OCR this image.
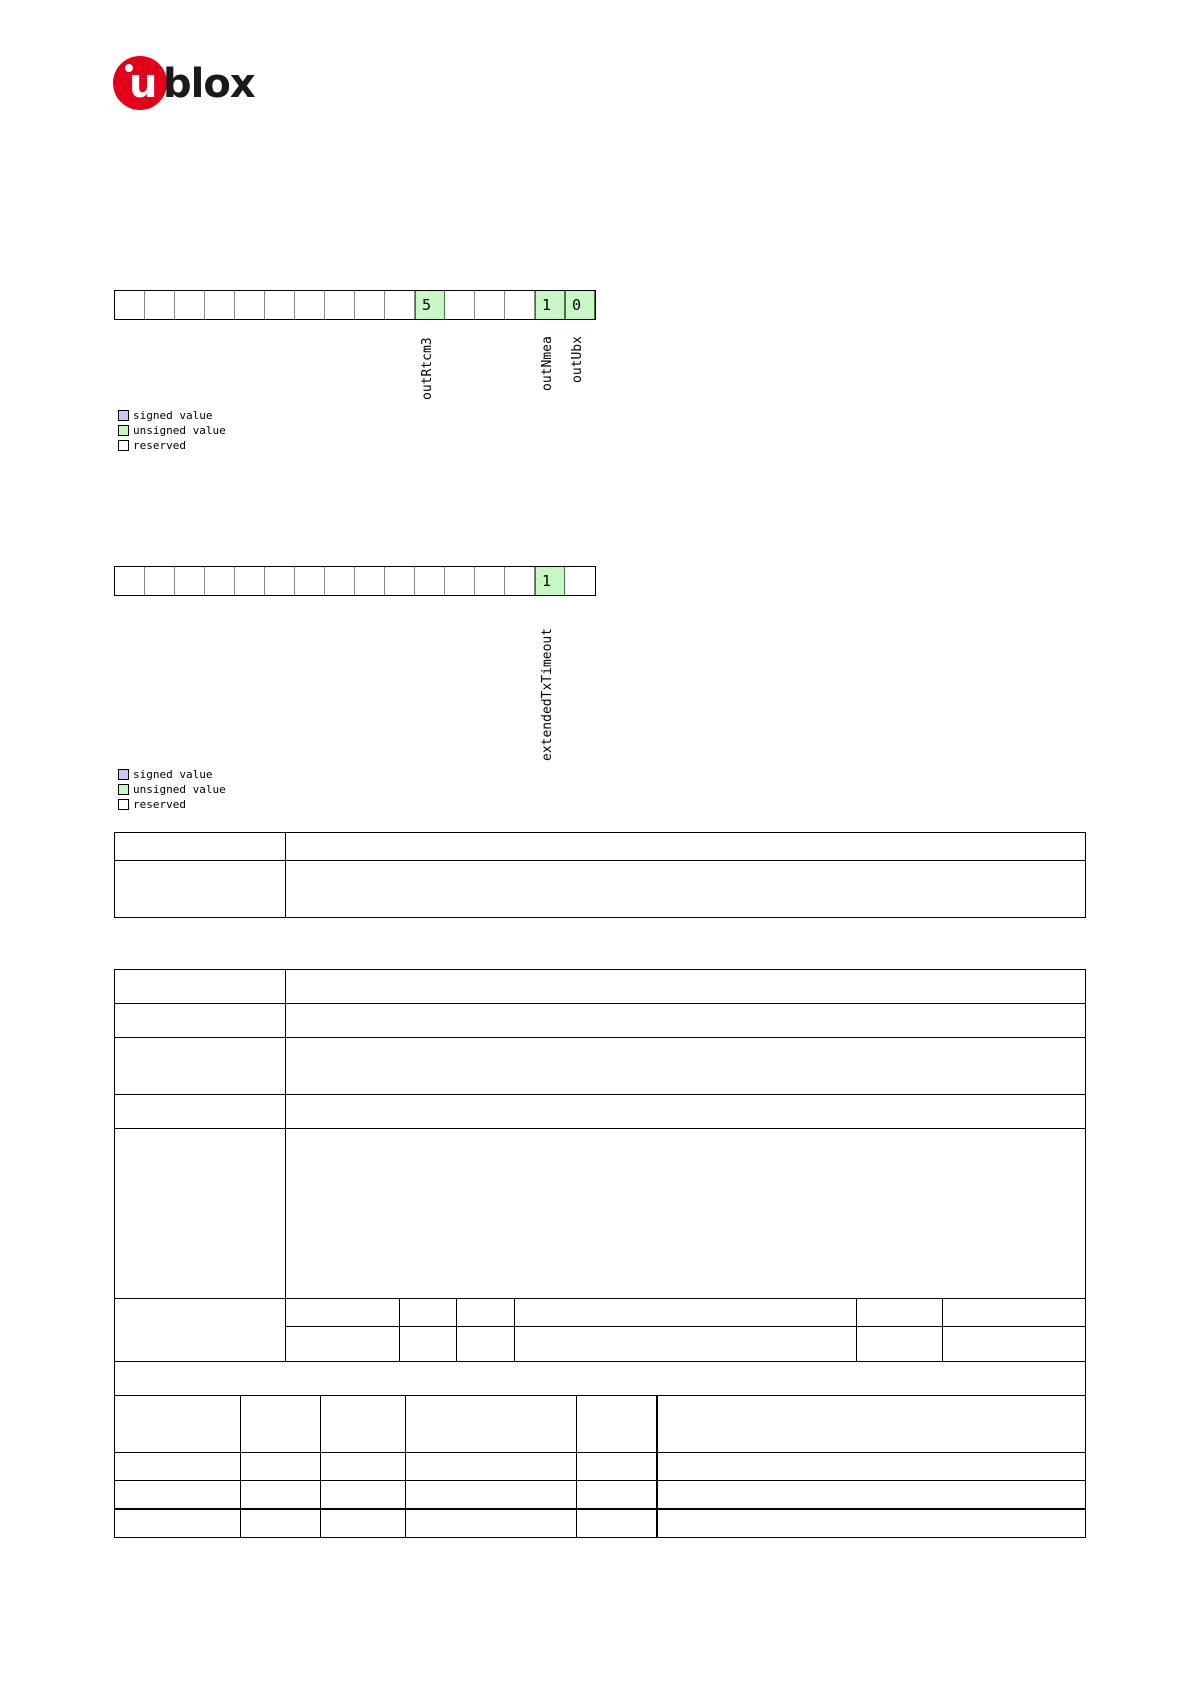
u blox
5	1	0
outRtcm3	outNmea outUbx
signed value
unsigned value
reserved
1
extendedTxTimeout
signed value
unsigned value
reserved
